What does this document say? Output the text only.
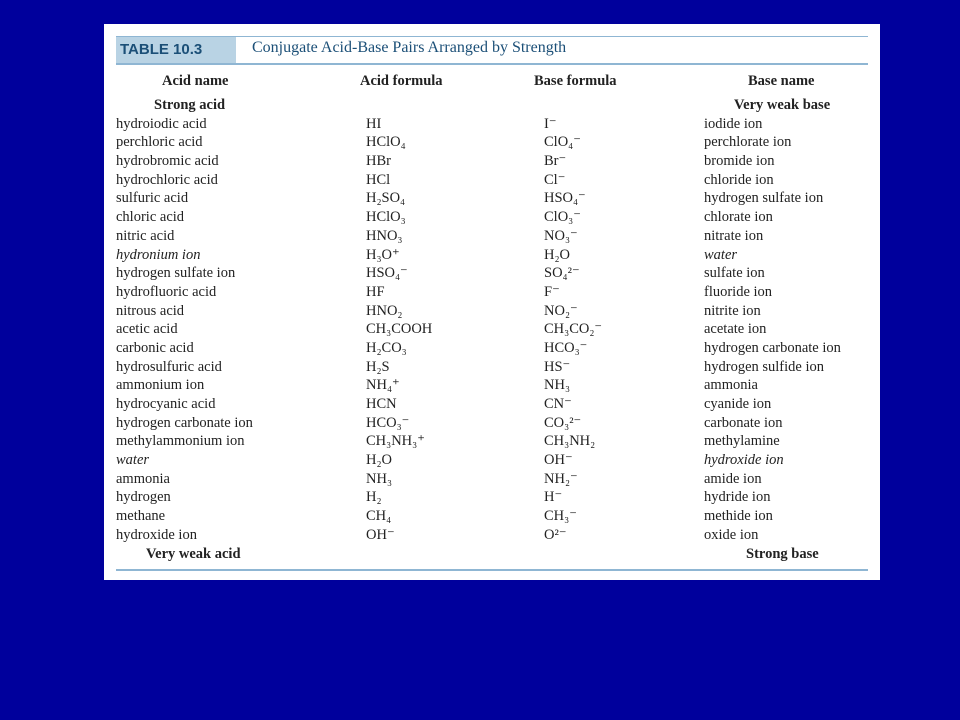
TABLE 10.3	Conjugate Acid-Base Pairs Arranged by Strength
Acid name	Acid formula	Base formula	Base name
Strong acid	Very weak base
hydroiodic acid	HI	I⁻	iodide ion
perchloric acid	HClO₄	ClO₄⁻	perchlorate ion
hydrobromic acid	HBr	Br⁻	bromide ion
hydrochloric acid	HCl	Cl⁻	chloride ion
sulfuric acid	H₂SO₄	HSO₄⁻	hydrogen sulfate ion
chloric acid	HClO₃	ClO₃⁻	chlorate ion
nitric acid	HNO₃	NO₃⁻	nitrate ion
hydronium ion	H₃O⁺	H₂O	water
hydrogen sulfate ion	HSO₄⁻	SO₄²⁻	sulfate ion
hydrofluoric acid	HF	F⁻	fluoride ion
nitrous acid	HNO₂	NO₂⁻	nitrite ion
acetic acid	CH₃COOH	CH₃CO₂⁻	acetate ion
carbonic acid	H₂CO₃	HCO₃⁻	hydrogen carbonate ion
hydrosulfuric acid	H₂S	HS⁻	hydrogen sulfide ion
ammonium ion	NH₄⁺	NH₃	ammonia
hydrocyanic acid	HCN	CN⁻	cyanide ion
hydrogen carbonate ion	HCO₃⁻	CO₃²⁻	carbonate ion
methylammonium ion	CH₃NH₃⁺	CH₃NH₂	methylamine
water	H₂O	OH⁻	hydroxide ion
ammonia	NH₃	NH₂⁻	amide ion
hydrogen	H₂	H⁻	hydride ion
methane	CH₄	CH₃⁻	methide ion
hydroxide ion	OH⁻	O²⁻	oxide ion
Very weak acid	Strong base
